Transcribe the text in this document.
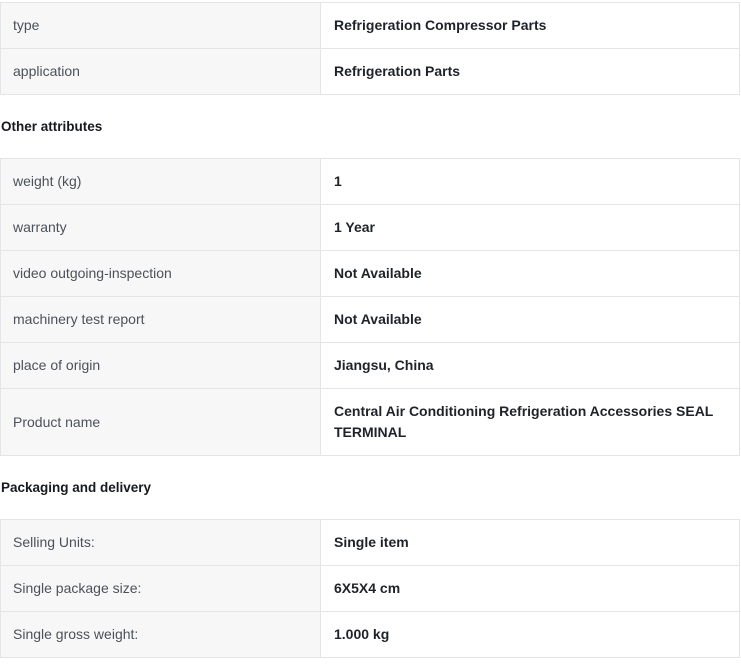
type	Refrigeration Compressor Parts
application	Refrigeration Parts
Other attributes
weight (kg)	1
warranty	1 Year
video outgoing-inspection	Not Available
machinery test report	Not Available
place of origin	Jiangsu, China
Product name	Central Air Conditioning Refrigeration Accessories SEAL TERMINAL
Packaging and delivery
Selling Units:	Single item
Single package size:	6X5X4 cm
Single gross weight:	1.000 kg
